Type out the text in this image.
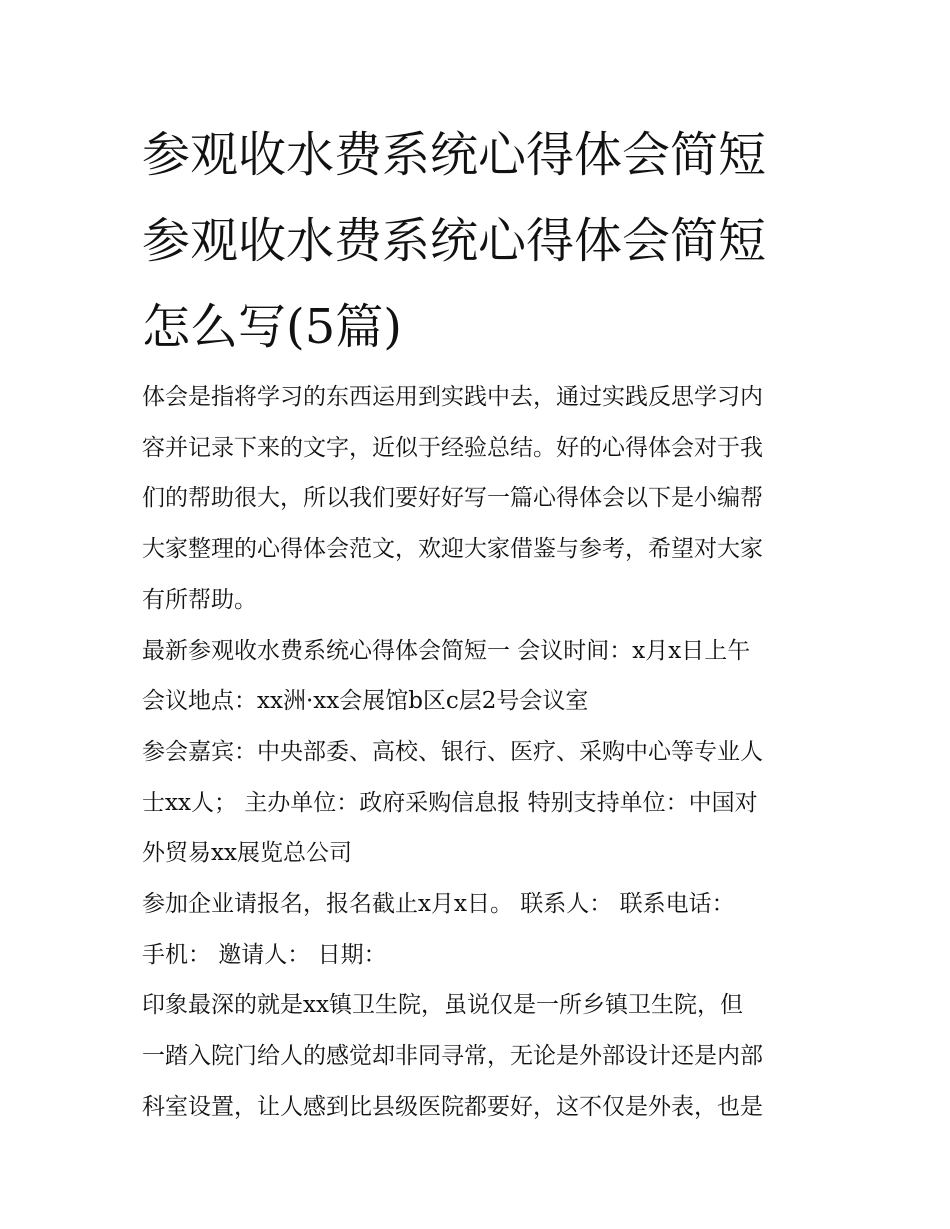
参观收水费系统心得体会简短
参观收水费系统心得体会简短
怎么写(5篇)

体会是指将学习的东西运用到实践中去，通过实践反思学习内
容并记录下来的文字，近似于经验总结。好的心得体会对于我
们的帮助很大，所以我们要好好写一篇心得体会以下是小编帮
大家整理的心得体会范文，欢迎大家借鉴与参考，希望对大家
有所帮助。

最新参观收水费系统心得体会简短一 会议时间：x月x日上午
会议地点：xx洲·xx会展馆b区c层2号会议室

参会嘉宾：中央部委、高校、银行、医疗、采购中心等专业人
士xx人； 主办单位：政府采购信息报 特别支持单位：中国对
外贸易xx展览总公司

参加企业请报名，报名截止x月x日。 联系人： 联系电话：
手机： 邀请人： 日期：

印象最深的就是xx镇卫生院，虽说仅是一所乡镇卫生院，但
一踏入院门给人的感觉却非同寻常，无论是外部设计还是内部
科室设置，让人感到比县级医院都要好，这不仅是外表，也是
